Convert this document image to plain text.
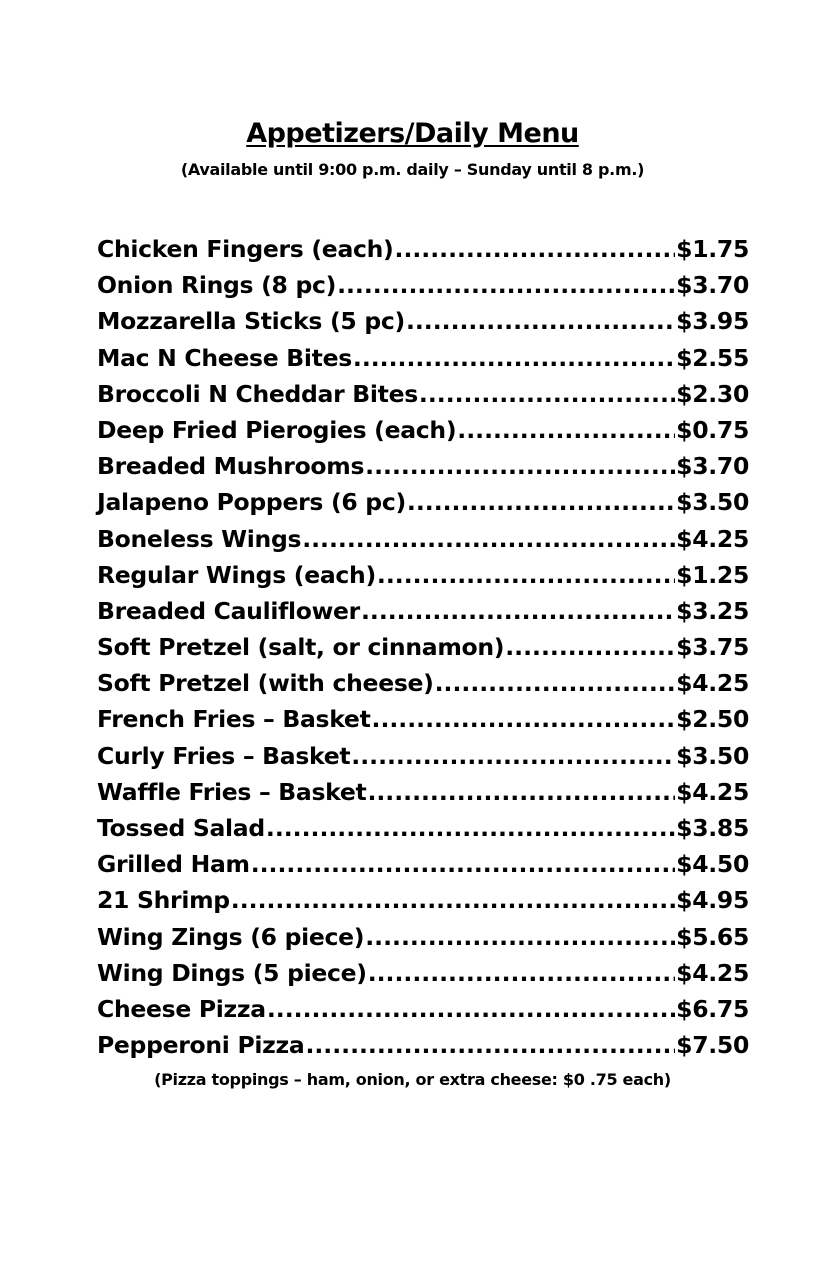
Appetizers/Daily Menu
(Available until 9:00 p.m. daily – Sunday until 8 p.m.)
Chicken Fingers (each) .....	$1.75
Onion Rings (8 pc) .....	$3.70
Mozzarella Sticks (5 pc) .....	$3.95
Mac N Cheese Bites .....	$2.55
Broccoli N Cheddar Bites .....	$2.30
Deep Fried Pierogies (each) .....	$0.75
Breaded Mushrooms .....	$3.70
Jalapeno Poppers (6 pc) .....	$3.50
Boneless Wings .....	$4.25
Regular Wings (each) .....	$1.25
Breaded Cauliflower .....	$3.25
Soft Pretzel (salt, or cinnamon) .....	$3.75
Soft Pretzel (with cheese) .....	$4.25
French Fries – Basket .....	$2.50
Curly Fries – Basket .....	$3.50
Waffle Fries – Basket .....	$4.25
Tossed Salad .....	$3.85
Grilled Ham .....	$4.50
21 Shrimp .....	$4.95
Wing Zings (6 piece) .....	$5.65
Wing Dings (5 piece) .....	$4.25
Cheese Pizza .....	$6.75
Pepperoni Pizza .....	$7.50
(Pizza toppings – ham, onion, or extra cheese: $0 .75 each)
